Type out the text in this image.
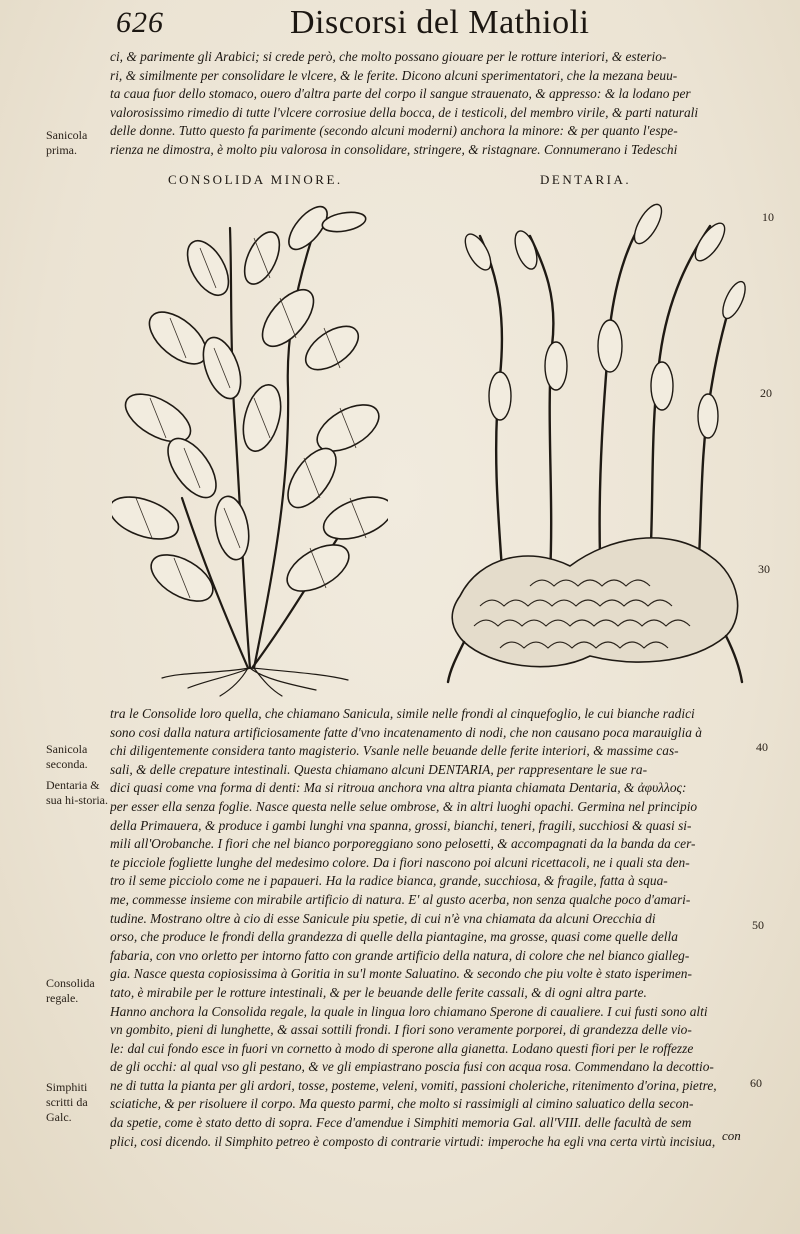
626	Discorsi del Mathioli
ci, & parimente gli Arabici; si crede però, che molto possano giouare per le rotture interiori, & esterio-
ri, & similmente per consolidare le vlcere, & le ferite. Dicono alcuni sperimentatori, che la mezana beuu-
ta caua fuor dello stomaco, ouero d'altra parte del corpo il sangue strauenato, & appresso: & la lodano per
valorosissimo rimedio di tutte l'vlcere corrosiue della bocca, de i testicoli, del membro virile, & parti naturali
delle donne. Tutto questo fa parimente (secondo alcuni moderni) anchora la minore: & per quanto l'espe-
rienza ne dimostra, è molto piu valorosa in consolidare, stringere, & ristagnare. Connumerano i Tedeschi
Sanicola prima.
CONSOLIDA MINORE.	DENTARIA.
10
20
30
40
50
60
tra le Consolide loro quella, che chiamano Sanicula, simile nelle frondi al cinquefoglio, le cui bianche radici
sono cosi dalla natura artificiosamente fatte d'vno incatenamento di nodi, che non causano poca marauiglia à
chi diligentemente considera tanto magisterio. Vsanle nelle beuande delle ferite interiori, & massime cas-
sali, & delle crepature intestinali. Questa chiamano alcuni DENTARIA, per rappresentare le sue ra-
dici quasi come vna forma di denti: Ma si ritroua anchora vna altra pianta chiamata Dentaria, & ἀφυλλος:
per esser ella senza foglie. Nasce questa nelle selue ombrose, & in altri luoghi opachi. Germina nel principio
della Primauera, & produce i gambi lunghi vna spanna, grossi, bianchi, teneri, fragili, succhiosi & quasi si-
mili all'Orobanche. I fiori che nel bianco porporeggiano sono pelosetti, & accompagnati da la banda da cer-
te picciole fogliette lunghe del medesimo colore. Da i fiori nascono poi alcuni ricettacoli, ne i quali sta den-
tro il seme picciolo come ne i papaueri. Ha la radice bianca, grande, succhiosa, & fragile, fatta à squa-
me, commesse insieme con mirabile artificio di natura. E' al gusto acerba, non senza qualche poco d'amari-
tudine. Mostrano oltre à cio di esse Sanicule piu spetie, di cui n'è vna chiamata da alcuni Orecchia di
orso, che produce le frondi della grandezza di quelle della piantagine, ma grosse, quasi come quelle della
fabaria, con vno orletto per intorno fatto con grande artificio della natura, di colore che nel bianco gialleg-
gia. Nasce questa copiosissima à Goritia in su'l monte Saluatino. & secondo che piu volte è stato isperimen-
tato, è mirabile per le rotture intestinali, & per le beuande delle ferite cassali, & di ogni altra parte.
Hanno anchora la Consolida regale, la quale in lingua loro chiamano Sperone di caualiere. I cui fusti sono alti
vn gombito, pieni di lunghette, & assai sottili frondi. I fiori sono veramente porporei, di grandezza delle vio-
le: dal cui fondo esce in fuori vn cornetto à modo di sperone alla gianetta. Lodano questi fiori per le roffezze
de gli occhi: al qual vso gli pestano, & ve gli empiastrano poscia fusi con acqua rosa. Commendano la decottio-
ne di tutta la pianta per gli ardori, tosse, posteme, veleni, vomiti, passioni choleriche, ritenimento d'orina, pietre,
sciatiche, & per risoluere il corpo. Ma questo parmi, che molto si rassimigli al cimino saluatico della secon-
da spetie, come è stato detto di sopra. Fece d'amendue i Simphiti memoria Gal. all'VIII. delle facultà de sem
plici, cosi dicendo. il Simphito petreo è composto di contrarie virtudi: imperoche ha egli vna certa virtù incisiua,
Sanicola seconda.
Dentaria & sua hi-storia.
Consolida regale.
Simphiti scritti da Galc.
con
